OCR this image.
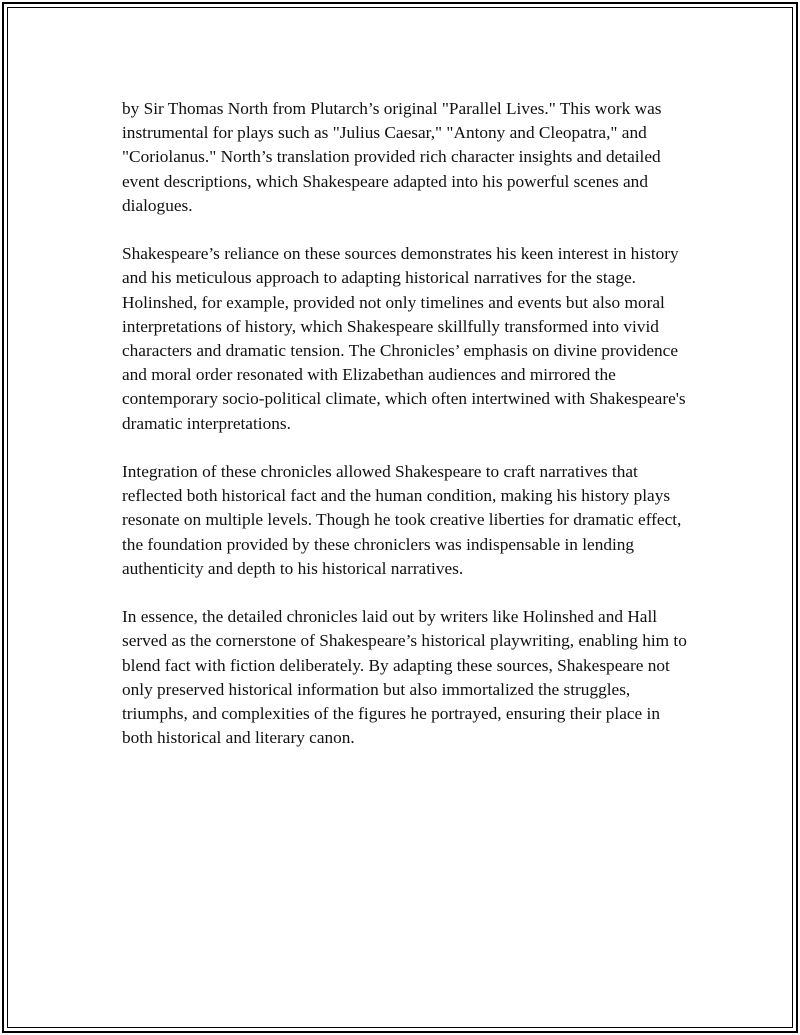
by Sir Thomas North from Plutarch’s original "Parallel Lives." This work was instrumental for plays such as "Julius Caesar," "Antony and Cleopatra," and "Coriolanus." North’s translation provided rich character insights and detailed event descriptions, which Shakespeare adapted into his powerful scenes and dialogues.

Shakespeare’s reliance on these sources demonstrates his keen interest in history and his meticulous approach to adapting historical narratives for the stage. Holinshed, for example, provided not only timelines and events but also moral interpretations of history, which Shakespeare skillfully transformed into vivid characters and dramatic tension. The Chronicles’ emphasis on divine providence and moral order resonated with Elizabethan audiences and mirrored the contemporary socio-political climate, which often intertwined with Shakespeare's dramatic interpretations.

Integration of these chronicles allowed Shakespeare to craft narratives that reflected both historical fact and the human condition, making his history plays resonate on multiple levels. Though he took creative liberties for dramatic effect, the foundation provided by these chroniclers was indispensable in lending authenticity and depth to his historical narratives.

In essence, the detailed chronicles laid out by writers like Holinshed and Hall served as the cornerstone of Shakespeare’s historical playwriting, enabling him to blend fact with fiction deliberately. By adapting these sources, Shakespeare not only preserved historical information but also immortalized the struggles, triumphs, and complexities of the figures he portrayed, ensuring their place in both historical and literary canon.
